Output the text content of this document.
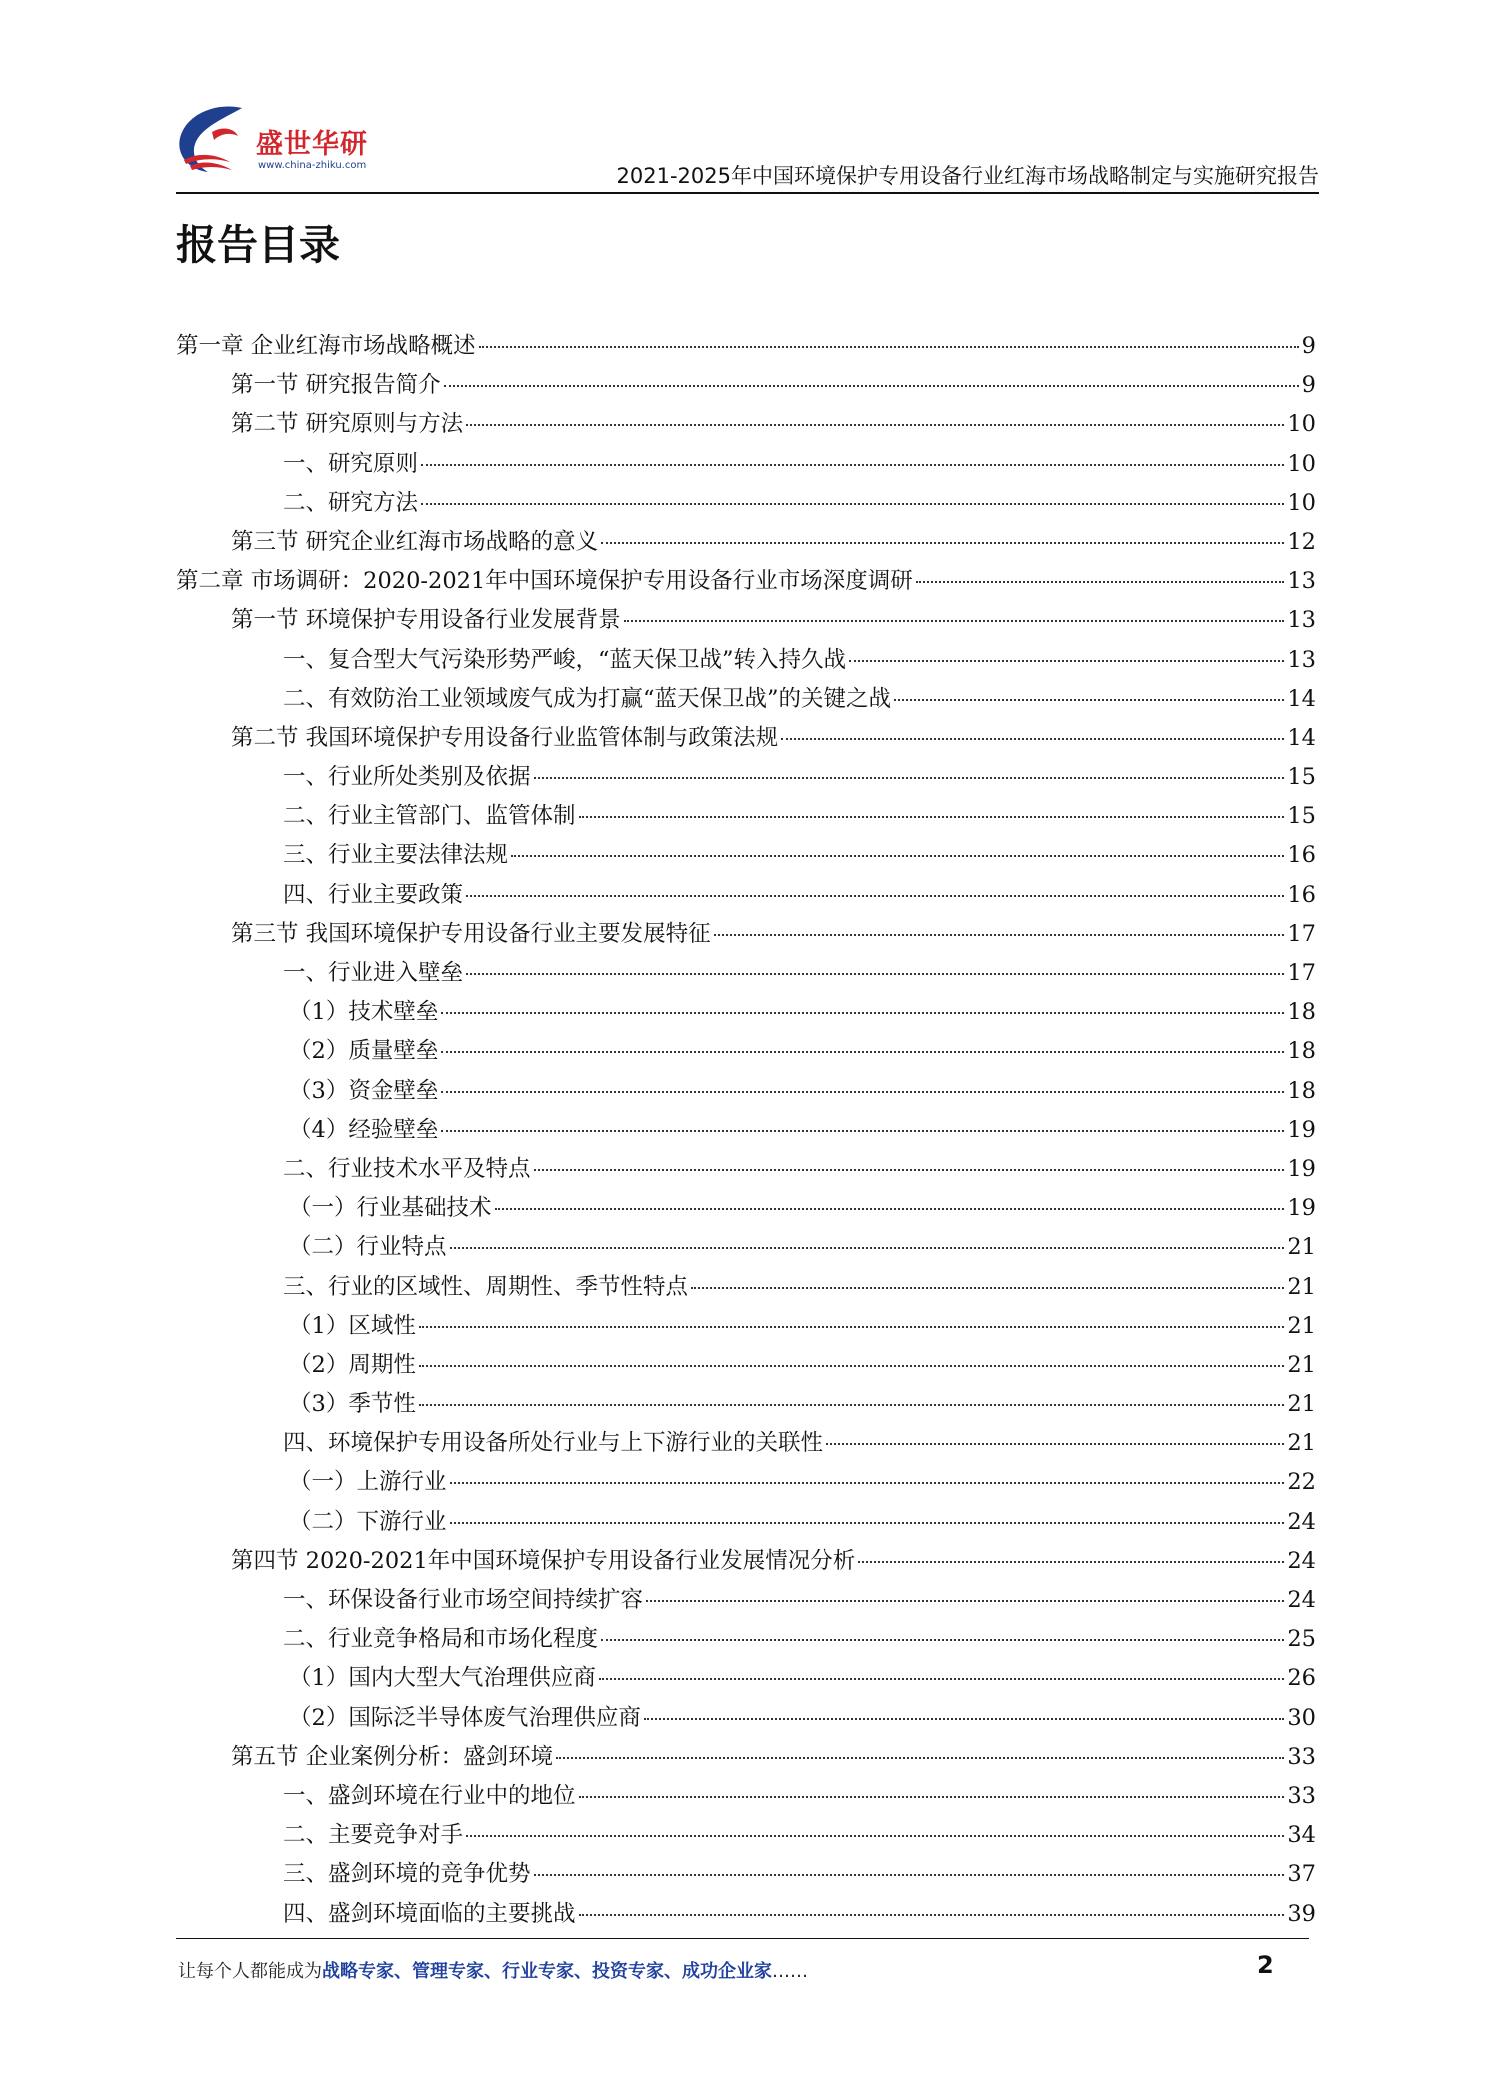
盛世华研
www.china-zhiku.com	2021-2025年中国环境保护专用设备行业红海市场战略制定与实施研究报告
报告目录
第一章 企业红海市场战略概述	9
第一节 研究报告简介	9
第二节 研究原则与方法	10
一、研究原则	10
二、研究方法	10
第三节 研究企业红海市场战略的意义	12
第二章 市场调研：2020-2021年中国环境保护专用设备行业市场深度调研	13
第一节 环境保护专用设备行业发展背景	13
一、复合型大气污染形势严峻，“蓝天保卫战”转入持久战	13
二、有效防治工业领域废气成为打赢“蓝天保卫战”的关键之战	14
第二节 我国环境保护专用设备行业监管体制与政策法规	14
一、行业所处类别及依据	15
二、行业主管部门、监管体制	15
三、行业主要法律法规	16
四、行业主要政策	16
第三节 我国环境保护专用设备行业主要发展特征	17
一、行业进入壁垒	17
（1）技术壁垒	18
（2）质量壁垒	18
（3）资金壁垒	18
（4）经验壁垒	19
二、行业技术水平及特点	19
（一）行业基础技术	19
（二）行业特点	21
三、行业的区域性、周期性、季节性特点	21
（1）区域性	21
（2）周期性	21
（3）季节性	21
四、环境保护专用设备所处行业与上下游行业的关联性	21
（一）上游行业	22
（二）下游行业	24
第四节 2020-2021年中国环境保护专用设备行业发展情况分析	24
一、环保设备行业市场空间持续扩容	24
二、行业竞争格局和市场化程度	25
（1）国内大型大气治理供应商	26
（2）国际泛半导体废气治理供应商	30
第五节 企业案例分析：盛剑环境	33
一、盛剑环境在行业中的地位	33
二、主要竞争对手	34
三、盛剑环境的竞争优势	37
四、盛剑环境面临的主要挑战	39
让每个人都能成为战略专家、管理专家、行业专家、投资专家、成功企业家……	2
